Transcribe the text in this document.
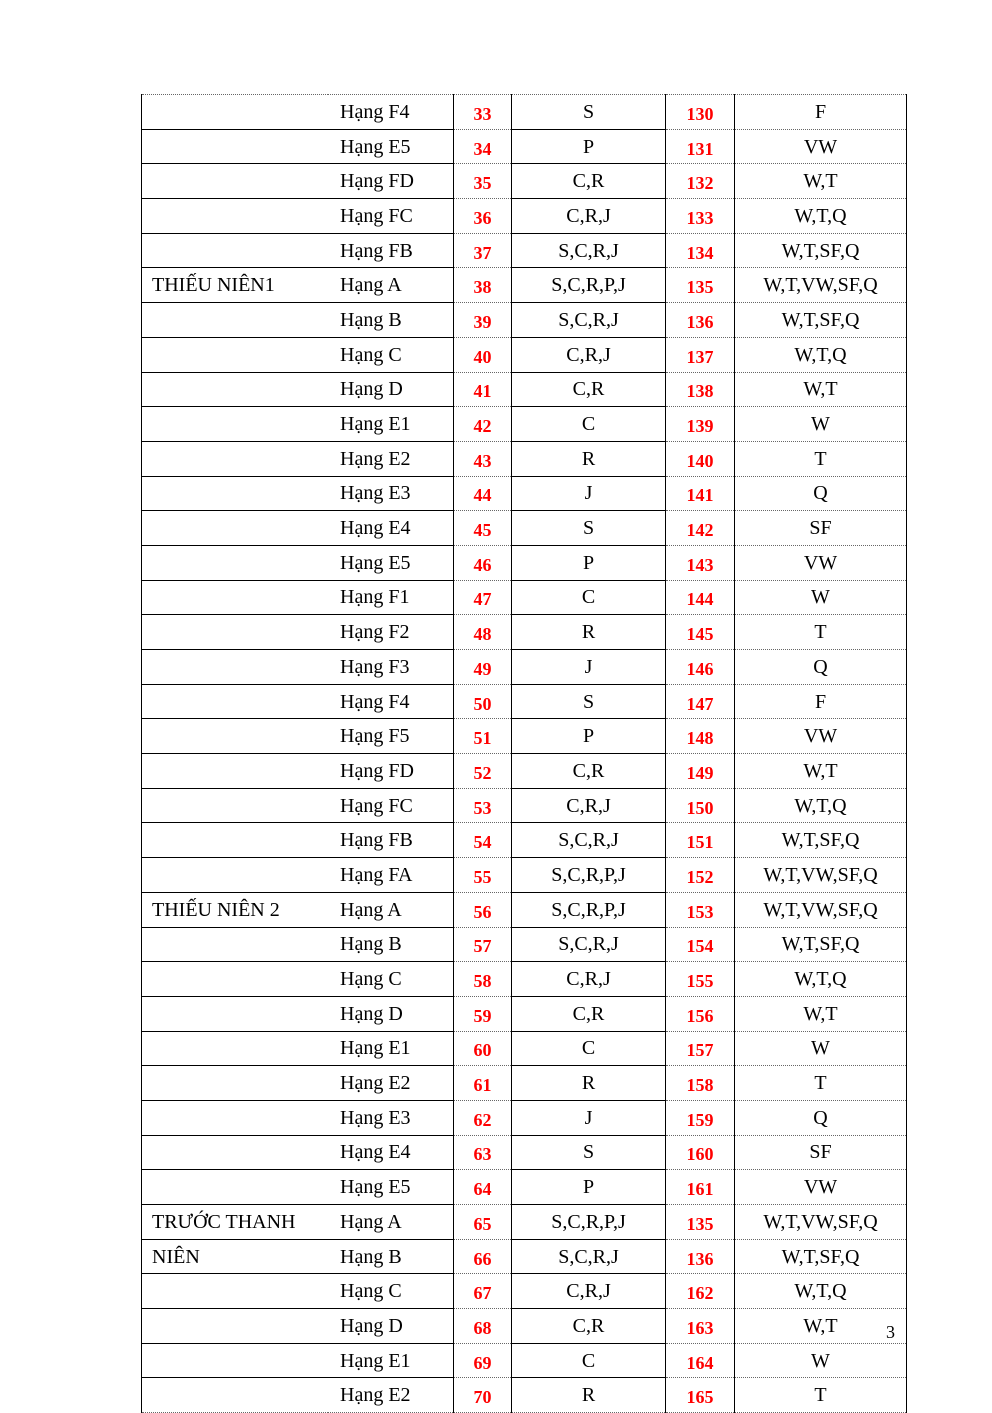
	Hạng F4	33	S	130	F
	Hạng E5	34	P	131	VW
	Hạng FD	35	C,R	132	W,T
	Hạng FC	36	C,R,J	133	W,T,Q
	Hạng FB	37	S,C,R,J	134	W,T,SF,Q
THIẾU NIÊN1	Hạng A	38	S,C,R,P,J	135	W,T,VW,SF,Q
	Hạng B	39	S,C,R,J	136	W,T,SF,Q
	Hạng C	40	C,R,J	137	W,T,Q
	Hạng D	41	C,R	138	W,T
	Hạng E1	42	C	139	W
	Hạng E2	43	R	140	T
	Hạng E3	44	J	141	Q
	Hạng E4	45	S	142	SF
	Hạng E5	46	P	143	VW
	Hạng F1	47	C	144	W
	Hạng F2	48	R	145	T
	Hạng F3	49	J	146	Q
	Hạng F4	50	S	147	F
	Hạng F5	51	P	148	VW
	Hạng FD	52	C,R	149	W,T
	Hạng FC	53	C,R,J	150	W,T,Q
	Hạng FB	54	S,C,R,J	151	W,T,SF,Q
	Hạng FA	55	S,C,R,P,J	152	W,T,VW,SF,Q
THIẾU NIÊN 2	Hạng A	56	S,C,R,P,J	153	W,T,VW,SF,Q
	Hạng B	57	S,C,R,J	154	W,T,SF,Q
	Hạng C	58	C,R,J	155	W,T,Q
	Hạng D	59	C,R	156	W,T
	Hạng E1	60	C	157	W
	Hạng E2	61	R	158	T
	Hạng E3	62	J	159	Q
	Hạng E4	63	S	160	SF
	Hạng E5	64	P	161	VW
TRƯỚC THANH	Hạng A	65	S,C,R,P,J	135	W,T,VW,SF,Q
NIÊN	Hạng B	66	S,C,R,J	136	W,T,SF,Q
	Hạng C	67	C,R,J	162	W,T,Q
	Hạng D	68	C,R	163	W,T
	Hạng E1	69	C	164	W
	Hạng E2	70	R	165	T
3
